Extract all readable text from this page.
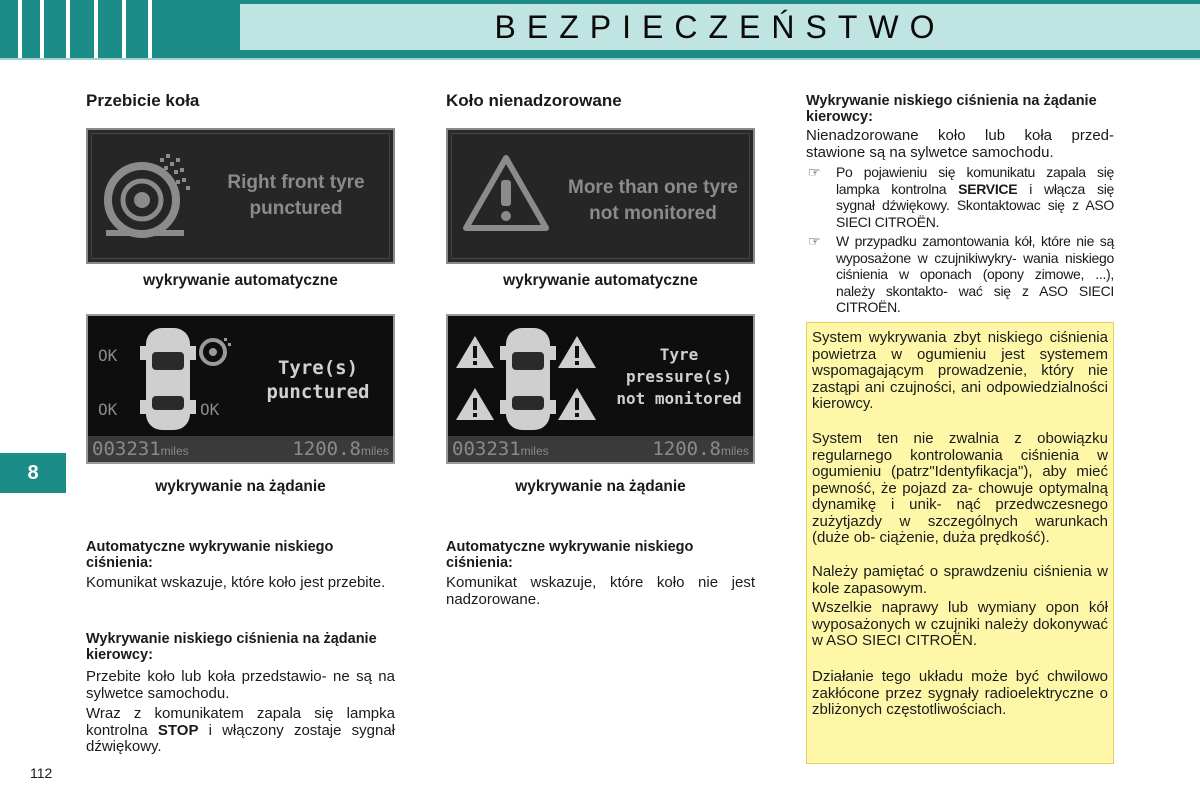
BEZPIECZEŃSTWO
8
112
Przebicie koła
Right front tyre
punctured
wykrywanie automatyczne
OK
OK	OK
Tyre(s)
punctured
003231miles	1200.8miles
wykrywanie na żądanie
Automatyczne wykrywanie niskiego ciśnienia:
Komunikat wskazuje, które koło jest przebite.
Wykrywanie niskiego ciśnienia na żądanie kierowcy:
Przebite koło lub koła przedstawio- ne są na sylwetce samochodu.
Wraz z komunikatem zapala się lampka kontrolna STOP i włączony zostaje sygnał dźwiękowy.
Koło nienadzorowane
More than one tyre
not monitored
wykrywanie automatyczne
Tyre
pressure(s)
not monitored
003231miles	1200.8miles
wykrywanie na żądanie
Automatyczne wykrywanie niskiego ciśnienia:
Komunikat wskazuje, które koło nie jest nadzorowane.
Wykrywanie niskiego ciśnienia na żądanie kierowcy:
Nienadzorowane koło lub koła przed- stawione są na sylwetce samochodu.
☞ Po pojawieniu się komunikatu zapala się lampka kontrolna SERVICE i włącza się sygnał dźwiękowy. Skontaktowac się z ASO SIECI CITROËN.
☞ W przypadku zamontowania kół, które nie są wyposażone w czujnikiwykry- wania niskiego ciśnienia w oponach (opony zimowe, ...), należy skontakto- wać się z ASO SIECI CITROËN.
System wykrywania zbyt niskiego ciśnienia powietrza w ogumieniu jest systemem wspomagającym prowadzenie, który nie zastąpi ani czujności, ani odpowiedzialności kierowcy.
System ten nie zwalnia z obowiązku regularnego kontrolowania ciśnienia w ogumieniu (patrz"Identyfikacja"), aby mieć pewność, że pojazd za- chowuje optymalną dynamikę i unik- nąć przedwczesnego zużytjazdy w szczególnych warunkach (duże ob- ciążenie, duża prędkość).
Należy pamiętać o sprawdzeniu ciśnienia w kole zapasowym.
Wszelkie naprawy lub wymiany opon kół wyposażonych w czujniki należy dokonywać w ASO SIECI CITROËN.
Działanie tego układu może być chwilowo zakłócone przez sygnały radioelektryczne o zbliżonych częstotliwościach.
